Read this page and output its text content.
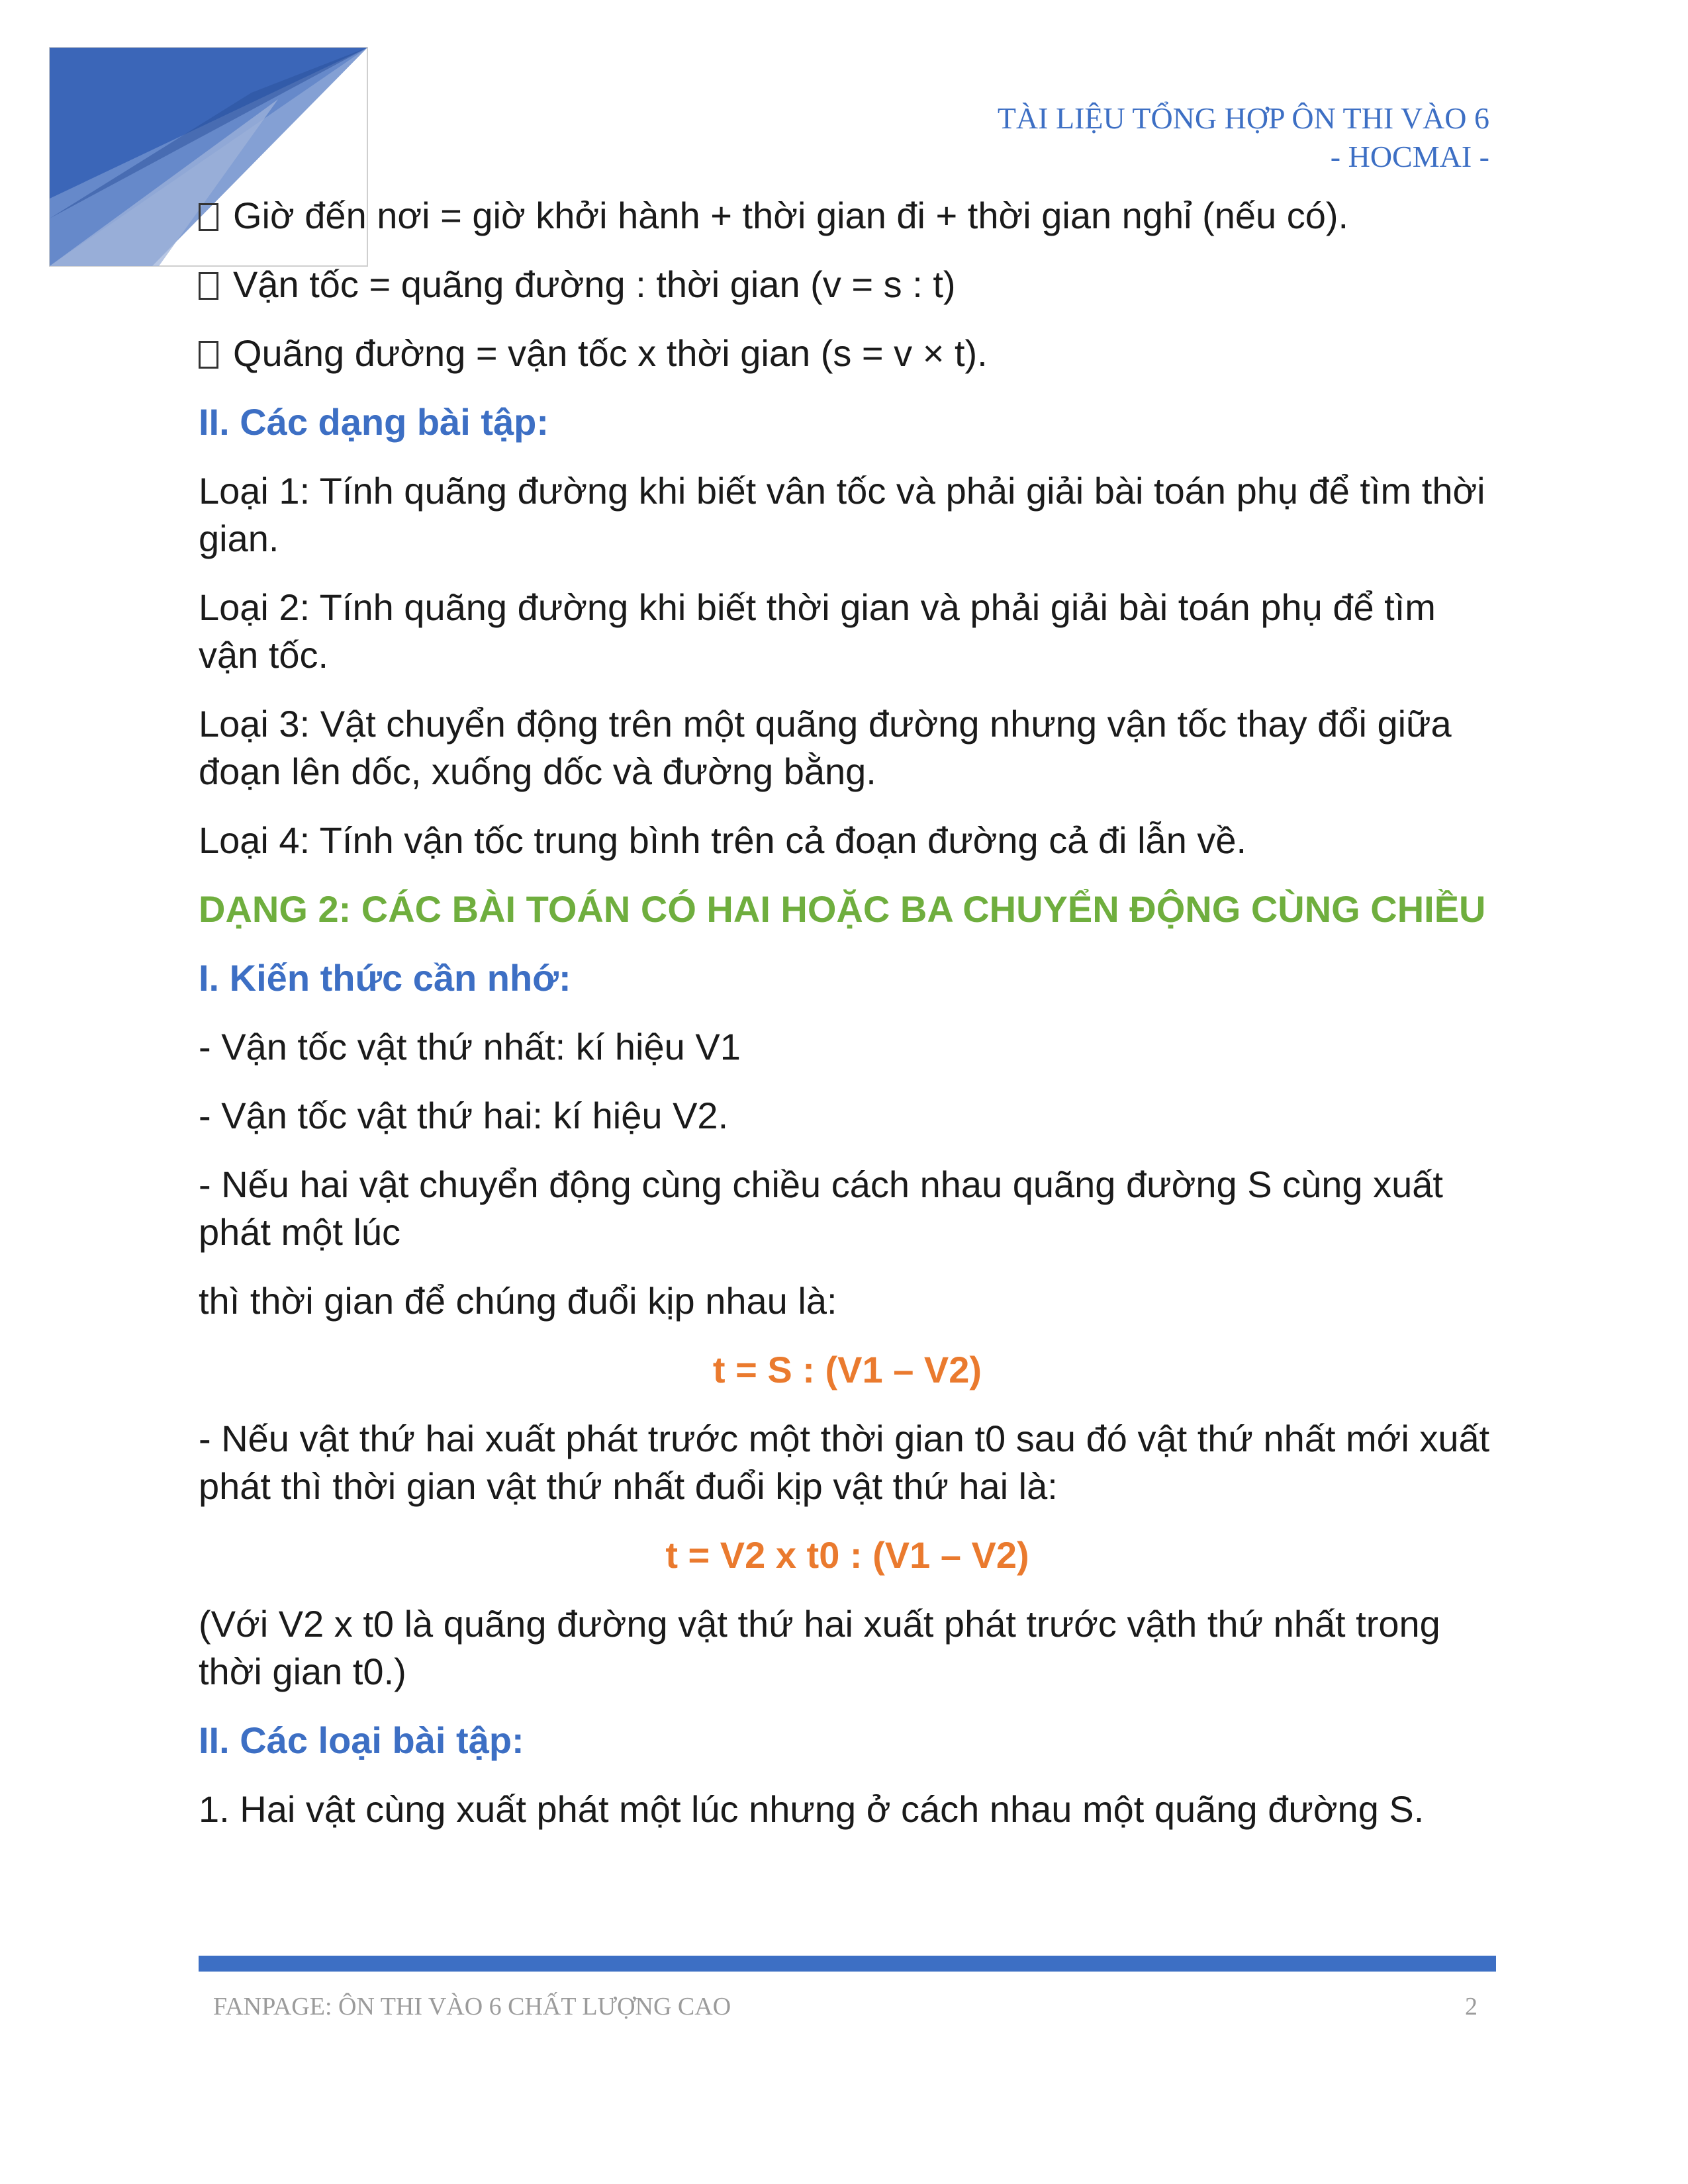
TÀI LIỆU TỔNG HỢP ÔN THI VÀO 6
- HOCMAI -

Giờ đến nơi = giờ khởi hành + thời gian đi + thời gian nghỉ (nếu có).

Vận tốc = quãng đường : thời gian (v = s : t)

Quãng đường = vận tốc x thời gian (s = v × t).

II. Các dạng bài tập:

Loại 1: Tính quãng đường khi biết vân tốc và phải giải bài toán phụ để tìm thời gian.

Loại 2: Tính quãng đường khi biết thời gian và phải giải bài toán phụ để tìm vận tốc.

Loại 3: Vật chuyển động trên một quãng đường nhưng vận tốc thay đổi giữa đoạn lên dốc, xuống dốc và đường bằng.

Loại 4: Tính vận tốc trung bình trên cả đoạn đường cả đi lẫn về.

DẠNG 2: CÁC BÀI TOÁN CÓ HAI HOẶC BA CHUYỂN ĐỘNG CÙNG CHIỀU

I. Kiến thức cần nhớ:

- Vận tốc vật thứ nhất: kí hiệu V1

- Vận tốc vật thứ hai: kí hiệu V2.

- Nếu hai vật chuyển động cùng chiều cách nhau quãng đường S cùng xuất phát một lúc

thì thời gian để chúng đuổi kịp nhau là:

t = S : (V1 – V2)

- Nếu vật thứ hai xuất phát trước một thời gian t0 sau đó vật thứ nhất mới xuất phát thì thời gian vật thứ nhất đuổi kịp vật thứ hai là:

t = V2 x t0 : (V1 – V2)

(Với V2 x t0 là quãng đường vật thứ hai xuất phát trước vậth thứ nhất trong thời gian t0.)

II. Các loại bài tập:

1. Hai vật cùng xuất phát một lúc nhưng ở cách nhau một quãng đường S.

FANPAGE: ÔN THI VÀO 6 CHẤT LƯỢNG CAO	2
